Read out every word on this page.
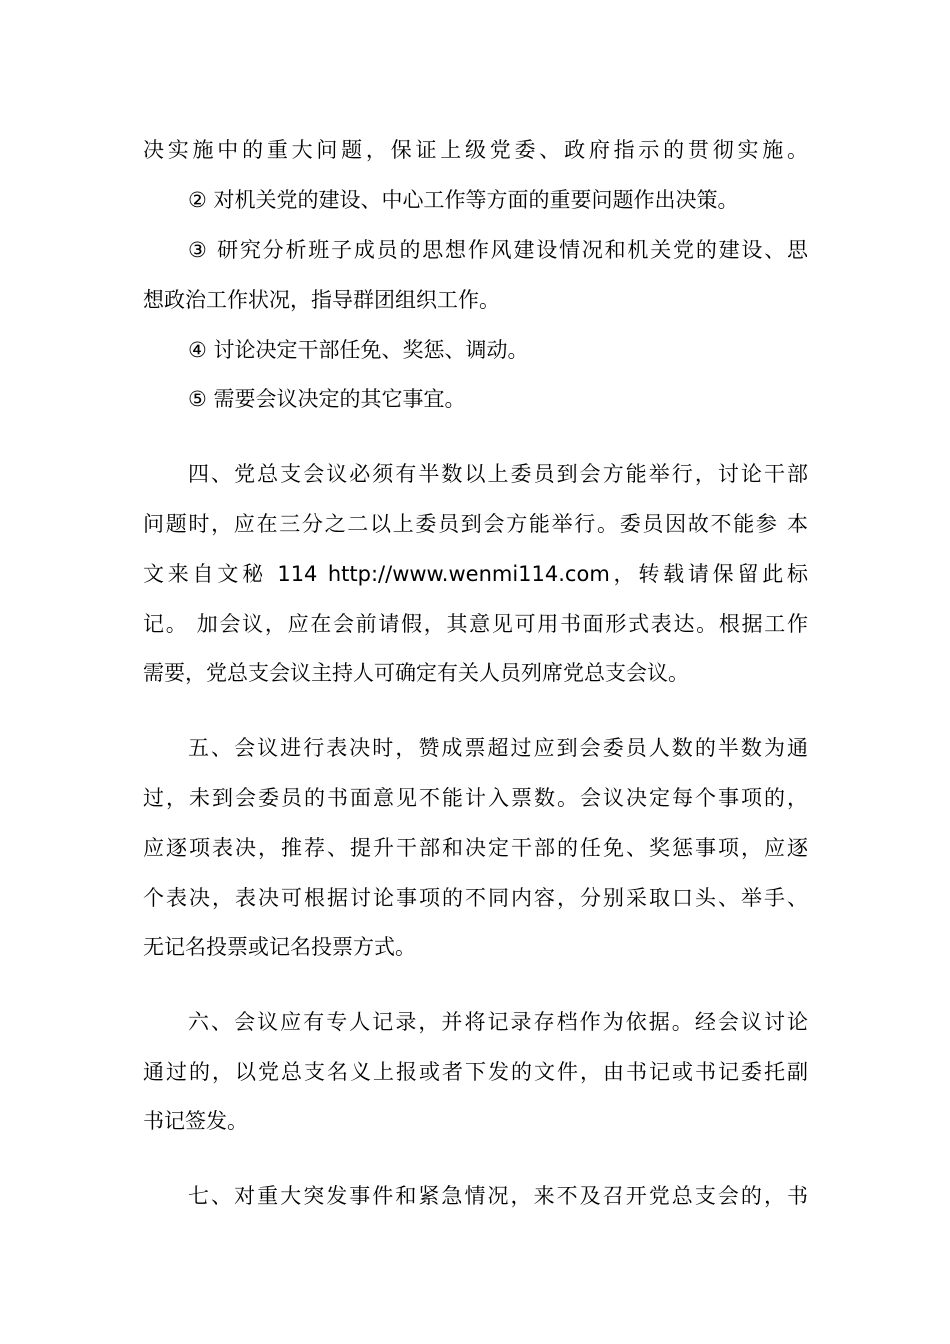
决实施中的重大问题，保证上级党委、政府指示的贯彻实施。
② 对机关党的建设、中心工作等方面的重要问题作出决策。
③ 研究分析班子成员的思想作风建设情况和机关党的建设、思
想政治工作状况，指导群团组织工作。
④ 讨论决定干部任免、奖惩、调动。
⑤ 需要会议决定的其它事宜。
四、党总支会议必须有半数以上委员到会方能举行，讨论干部
问题时，应在三分之二以上委员到会方能举行。委员因故不能参 本
文来自文秘 114 http://www.wenmi114.com，转载请保留此标
记。 加会议，应在会前请假，其意见可用书面形式表达。根据工作
需要，党总支会议主持人可确定有关人员列席党总支会议。
五、会议进行表决时，赞成票超过应到会委员人数的半数为通
过，未到会委员的书面意见不能计入票数。会议决定每个事项的，
应逐项表决，推荐、提升干部和决定干部的任免、奖惩事项，应逐
个表决，表决可根据讨论事项的不同内容，分别采取口头、举手、
无记名投票或记名投票方式。
六、会议应有专人记录，并将记录存档作为依据。经会议讨论
通过的，以党总支名义上报或者下发的文件，由书记或书记委托副
书记签发。
七、对重大突发事件和紧急情况，来不及召开党总支会的，书
